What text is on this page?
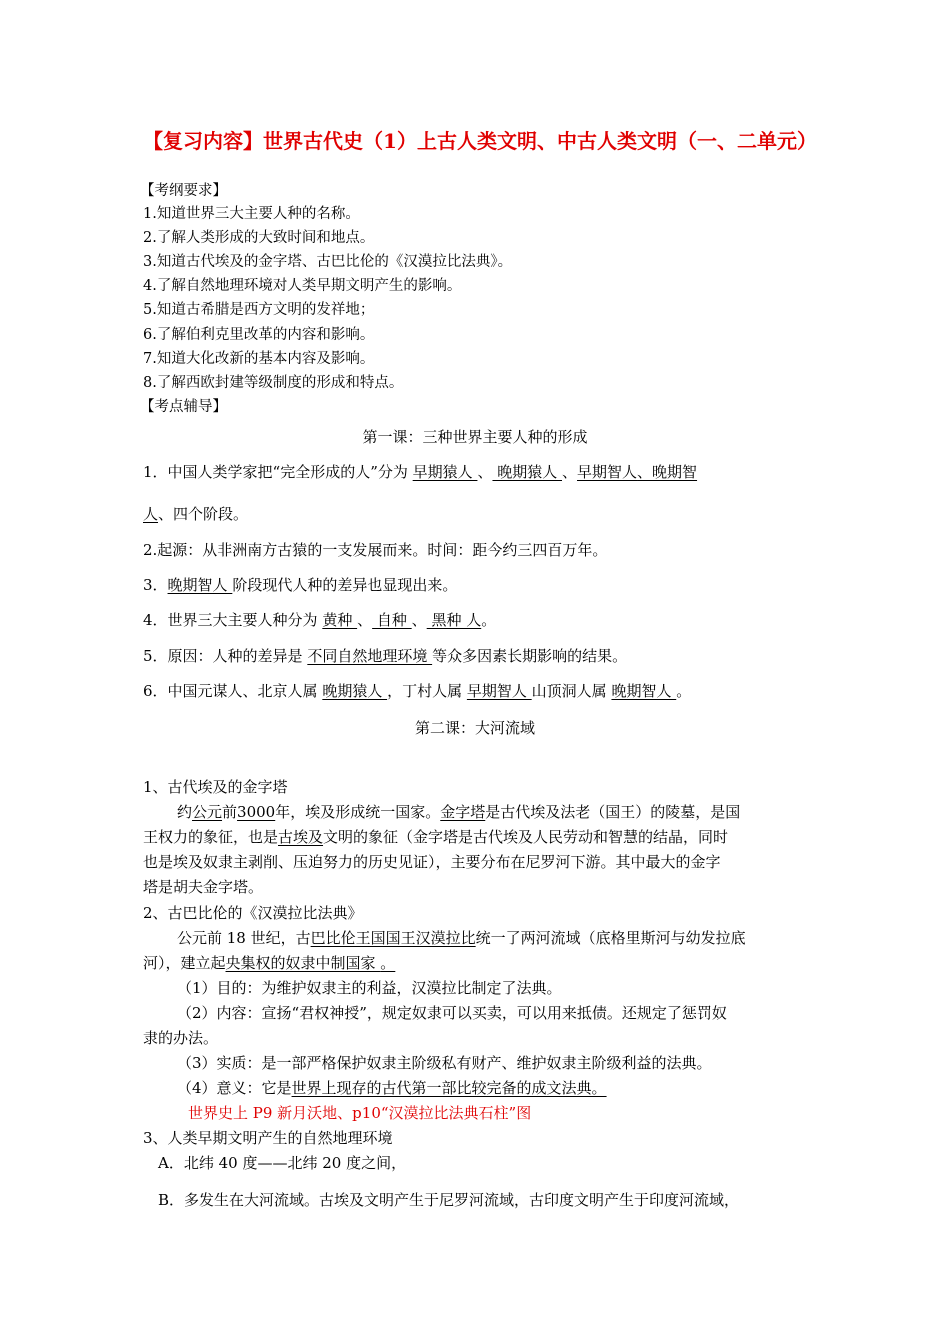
【复习内容】世界古代史（1）上古人类文明、中古人类文明（一、二单元）
【考纲要求】
1.知道世界三大主要人种的名称。
2.了解人类形成的大致时间和地点。
3.知道古代埃及的金字塔、古巴比伦的《汉漠拉比法典》。
4.了解自然地理环境对人类早期文明产生的影响。
5.知道古希腊是西方文明的发祥地；
6.了解伯利克里改革的内容和影响。
7.知道大化改新的基本内容及影响。
8.了解西欧封建等级制度的形成和特点。
【考点辅导】
第一课：三种世界主要人种的形成
1．中国人类学家把“完全形成的人”分为 早期猿人 、 晚期猿人 、早期智人、晚期智
人、四个阶段。
2.起源：从非洲南方古猿的一支发展而来。时间：距今约三四百万年。
3．晚期智人 阶段现代人种的差异也显现出来。
4．世界三大主要人种分为 黄种 、 自种 、 黑种 人。
5．原因：人种的差异是 不同自然地理环境 等众多因素长期影响的结果。
6．中国元谋人、北京人属 晚期猿人 ，丁村人属 早期智人 山顶洞人属 晚期智人 。
第二课：大河流域
1、古代埃及的金字塔
约公元前3000年，埃及形成统一国家。金字塔是古代埃及法老（国王）的陵墓，是国
王权力的象征，也是古埃及文明的象征（金字塔是古代埃及人民劳动和智慧的结晶，同时
也是埃及奴隶主剥削、压迫努力的历史见证），主要分布在尼罗河下游。其中最大的金字
塔是胡夫金字塔。
2、古巴比伦的《汉漠拉比法典》
公元前 18 世纪，古巴比伦王国国王汉漠拉比统一了两河流域（底格里斯河与幼发拉底
河），建立起央集权的奴隶中制国家 。
（1）目的：为维护奴隶主的利益，汉漠拉比制定了法典。
（2）内容：宣扬“君权神授”，规定奴隶可以买卖，可以用来抵债。还规定了惩罚奴
隶的办法。
（3）实质：是一部严格保护奴隶主阶级私有财产、维护奴隶主阶级利益的法典。
（4）意义：它是世界上现存的古代第一部比较完备的成文法典。
世界史上 P9 新月沃地、p10“汉漠拉比法典石柱”图
3、人类早期文明产生的自然地理环境
A．北纬 40 度——北纬 20 度之间，
B．多发生在大河流域。古埃及文明产生于尼罗河流域，古印度文明产生于印度河流域，
